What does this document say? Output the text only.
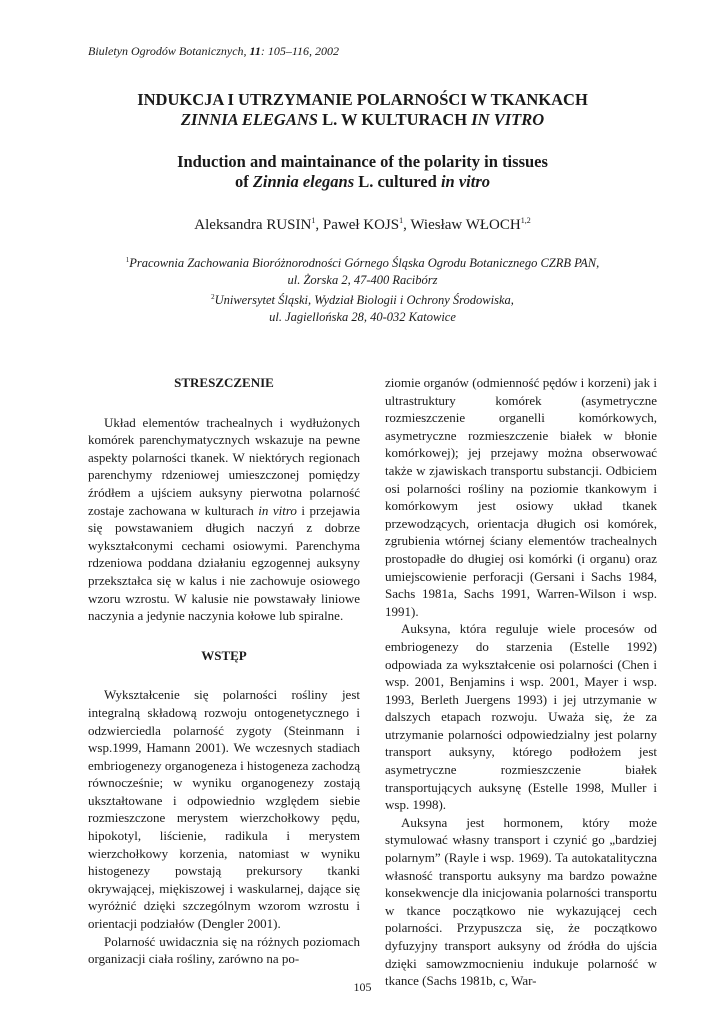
Biuletyn Ogrodów Botanicznych, 11: 105–116, 2002
INDUKCJA I UTRZYMANIE POLARNOŚCI W TKANKACH
ZINNIA ELEGANS L. W KULTURACH IN VITRO
Induction and maintainance of the polarity in tissues
of Zinnia elegans L. cultured in vitro
Aleksandra RUSIN$^1$, Paweł KOJS$^1$, Wiesław WŁOCH$^{1,2}$
$^1$Pracownia Zachowania Bioróżnorodności Górnego Śląska Ogrodu Botanicznego CZRB PAN,
ul. Żorska 2, 47-400 Racibórz
$^2$Uniwersytet Śląski, Wydział Biologii i Ochrony Środowiska,
ul. Jagiellońska 28, 40-032 Katowice
STRESZCZENIE

Układ elementów trachealnych i wydłużonych komórek parenchymatycznych wskazuje na pewne aspekty polarności tkanek. W niektórych regionach parenchymy rdzeniowej umieszczonej pomiędzy źródłem a ujściem auksyny pierwotna polarność zostaje zachowana w kulturach in vitro i przejawia się powstawaniem długich naczyń z dobrze wykształconymi cechami osiowymi. Parenchyma rdzeniowa poddana działaniu egzogennej auksyny przekształca się w kalus i nie zachowuje osiowego wzoru wzrostu. W kalusie nie powstawały liniowe naczynia a jedynie naczynia kołowe lub spiralne.

WSTĘP

Wykształcenie się polarności rośliny jest integralną składową rozwoju ontogenetycznego i odzwierciedla polarność zygoty (Steinmann i wsp.1999, Hamann 2001). We wczesnych stadiach embriogenezy organogeneza i histogeneza zachodzą równocześnie; w wyniku organogenezy zostają ukształtowane i odpowiednio względem siebie rozmieszczone merystem wierzchołkowy pędu, hipokotyl, liścienie, radikula i merystem wierzchołkowy korzenia, natomiast w wyniku histogenezy powstają prekursory tkanki okrywającej, miękiszowej i waskularnej, dające się wyróżnić dzięki szczególnym wzorom wzrostu i orientacji podziałów (Dengler 2001).

Polarność uwidacznia się na różnych poziomach organizacji ciała rośliny, zarówno na po-

ziomie organów (odmienność pędów i korzeni) jak i ultrastruktury komórek (asymetryczne rozmieszczenie organelli komórkowych, asymetryczne rozmieszczenie białek w błonie komórkowej); jej przejawy można obserwować także w zjawiskach transportu substancji. Odbiciem osi polarności rośliny na poziomie tkankowym i komórkowym jest osiowy układ tkanek przewodzących, orientacja długich osi komórek, zgrubienia wtórnej ściany elementów trachealnych prostopadłe do długiej osi komórki (i organu) oraz umiejscowienie perforacji (Gersani i Sachs 1984, Sachs 1981a, Sachs 1991, Warren-Wilson i wsp. 1991).

Auksyna, która reguluje wiele procesów od embriogenezy do starzenia (Estelle 1992) odpowiada za wykształcenie osi polarności (Chen i wsp. 2001, Benjamins i wsp. 2001, Mayer i wsp. 1993, Berleth Juergens 1993) i jej utrzymanie w dalszych etapach rozwoju. Uważa się, że za utrzymanie polarności odpowiedzialny jest polarny transport auksyny, którego podłożem jest asymetryczne rozmieszczenie białek transportujących auksynę (Estelle 1998, Muller i wsp. 1998).

Auksyna jest hormonem, który może stymulować własny transport i czynić go „bardziej polarnym” (Rayle i wsp. 1969). Ta autokatalityczna własność transportu auksyny ma bardzo poważne konsekwencje dla inicjowania polarności transportu w tkance początkowo nie wykazującej cech polarności. Przypuszcza się, że początkowo dyfuzyjny transport auksyny od źródła do ujścia dzięki samowzmocnieniu indukuje polarność w tkance (Sachs 1981b, c, War-

105
